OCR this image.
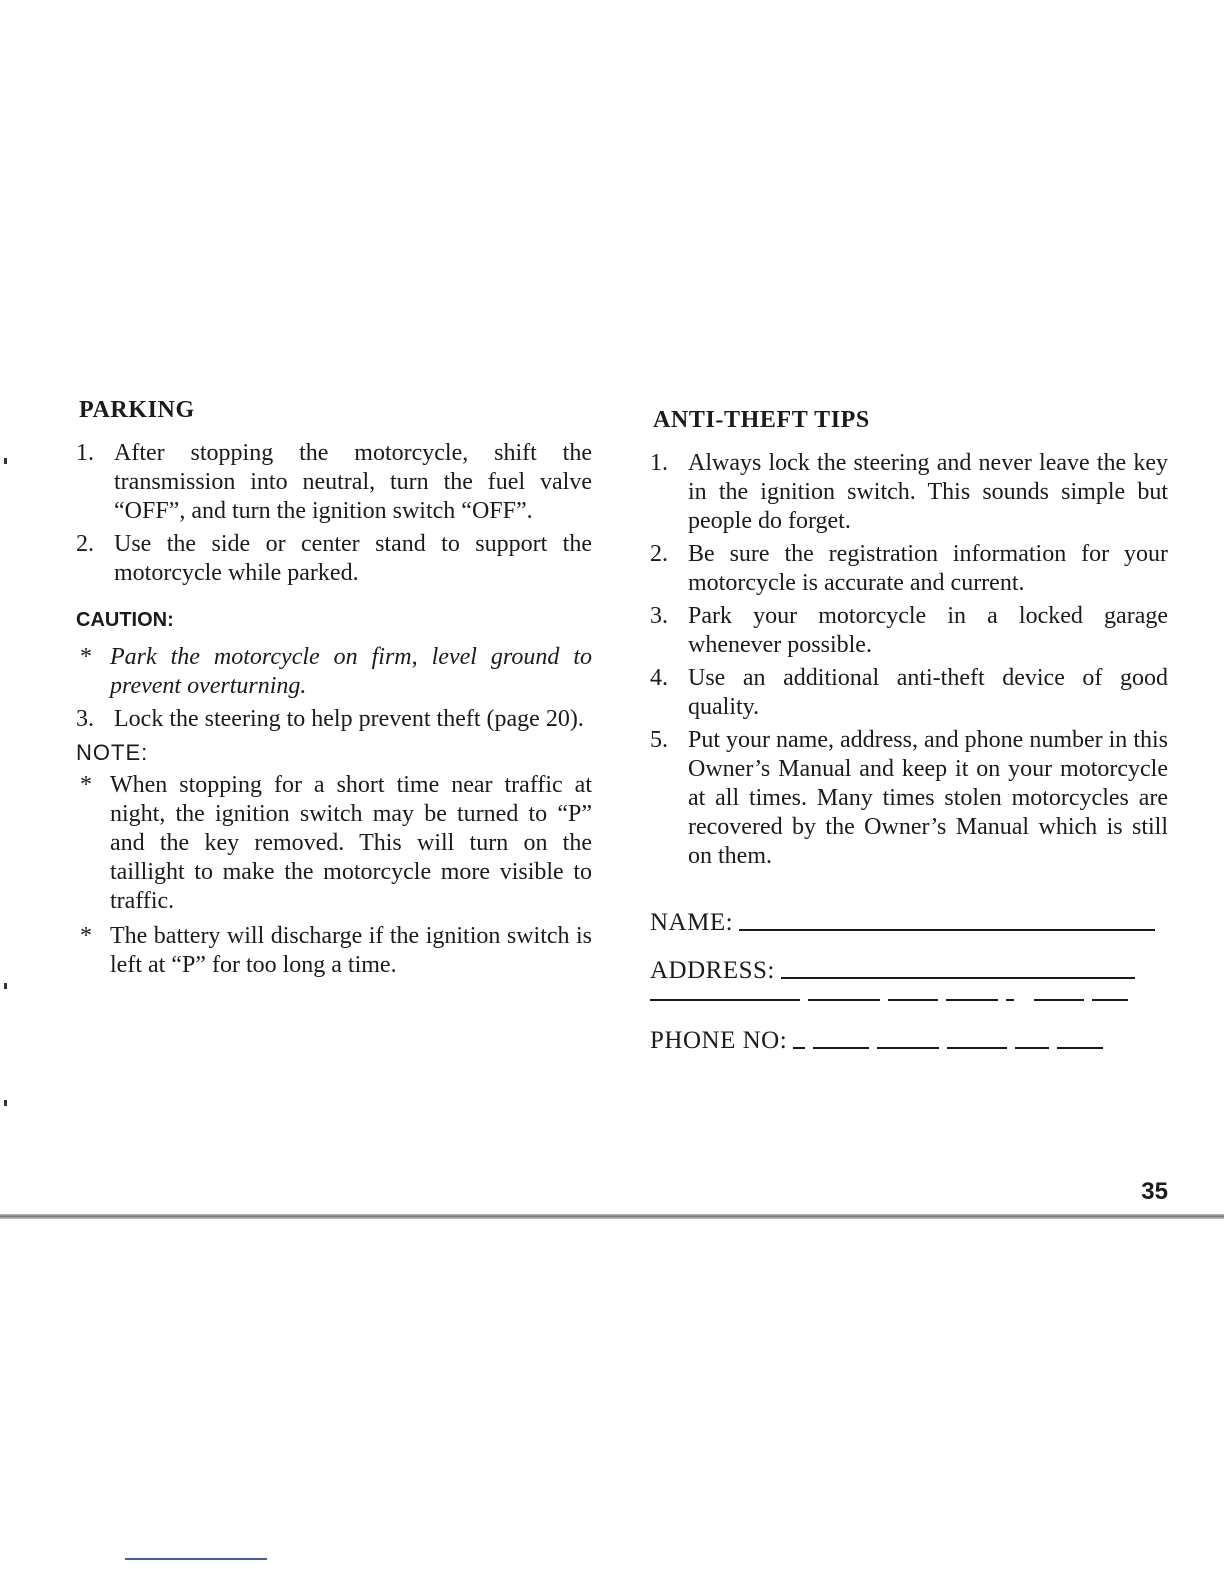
PARKING
1. After stopping the motorcycle, shift the transmission into neutral, turn the fuel valve “OFF”, and turn the ignition switch “OFF”.
2. Use the side or center stand to support the motorcycle while parked.
CAUTION:
* Park the motorcycle on firm, level ground to prevent overturning.
3. Lock the steering to help prevent theft (page 20).
NOTE:
* When stopping for a short time near traffic at night, the ignition switch may be turned to “P” and the key removed. This will turn on the taillight to make the motorcycle more visible to traffic.
* The battery will discharge if the ignition switch is left at “P” for too long a time.
ANTI-THEFT TIPS
1. Always lock the steering and never leave the key in the ignition switch. This sounds simple but people do forget.
2. Be sure the registration information for your motorcycle is accurate and current.
3. Park your motorcycle in a locked garage whenever possible.
4. Use an additional anti-theft device of good quality.
5. Put your name, address, and phone number in this Owner’s Manual and keep it on your motorcycle at all times. Many times stolen motorcycles are recovered by the Owner’s Manual which is still on them.
NAME:
ADDRESS:
PHONE NO:
35
